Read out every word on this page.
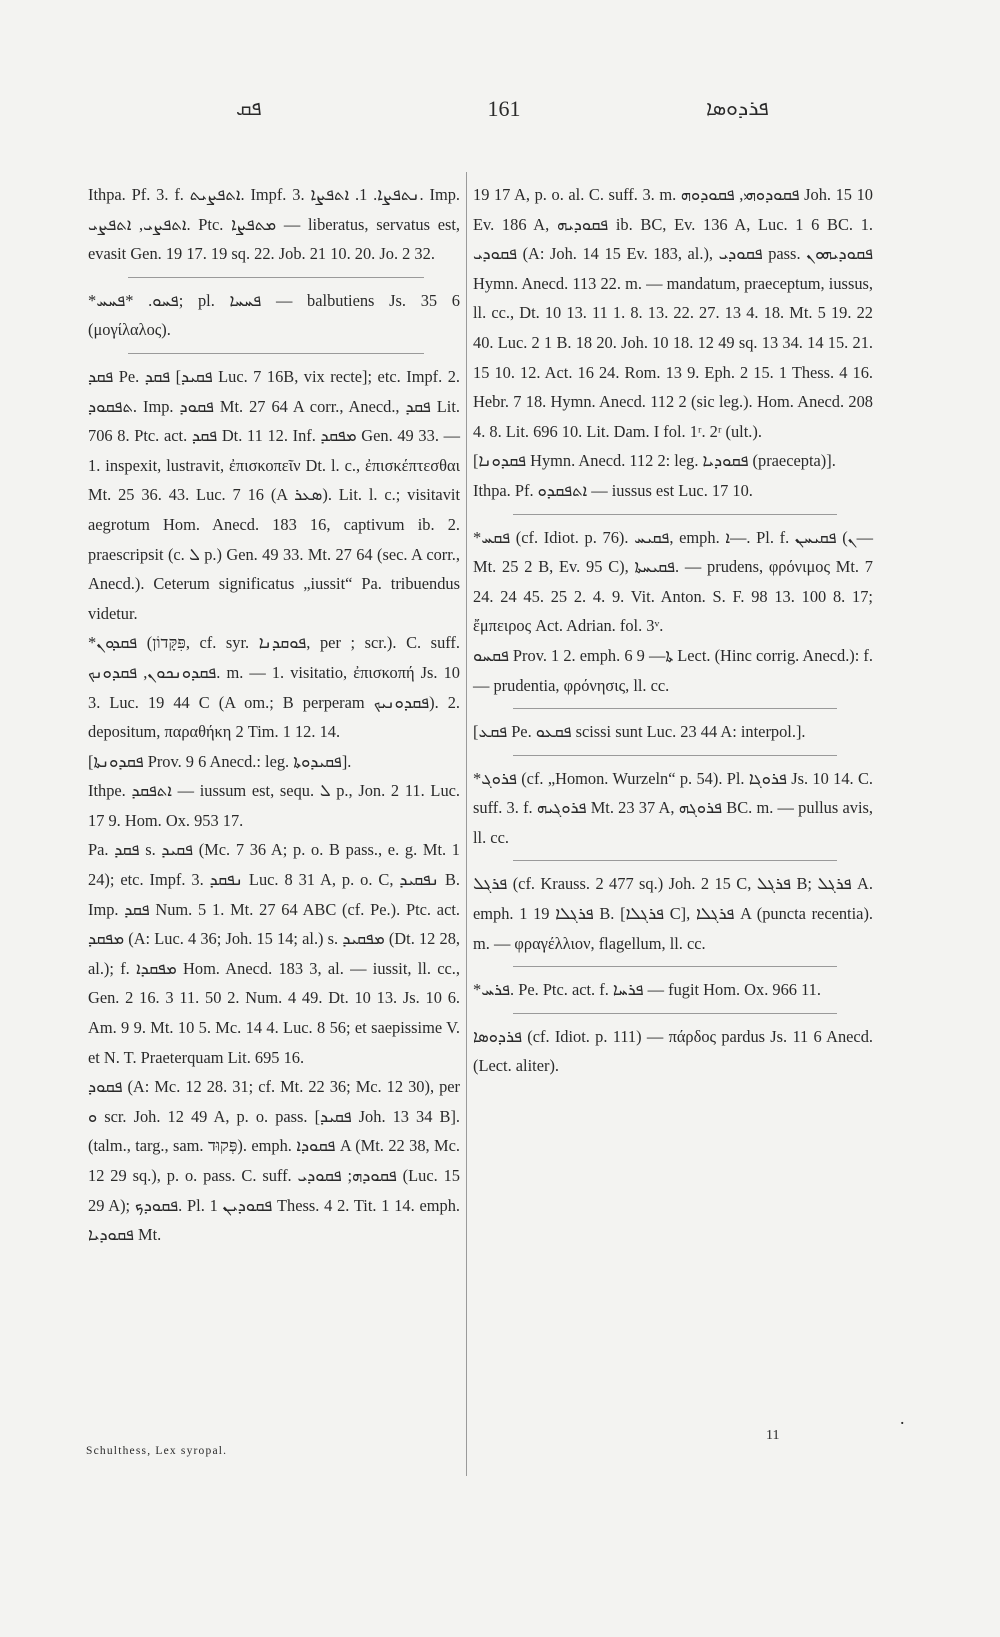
ܦܩ	161	ܦܪܕܘܣܐ

Ithpa. Pf. 3. f. ܐܬܦܨܝܬ. Impf. 3. ܢܬܦܨܐ. 1. ܐܬܦܨܐ. Imp. ܐܬܦܨܝ, ܐܬܦܨܝ. Ptc. ܡܬܦܨܐ — liberatus, servatus est, evasit Gen. 19 17. 19 sq. 22. Job. 21 10. 20. Jo. 2 32.

*ܦܚܘ. *ܦܚܚ; pl. ܦܚܚܐ — balbutiens Js. 35 6 (μογίλαλος).

ܦܩܕ Pe. ܦܩܕ [ܦܩܝܕ Luc. 7 16B, vix recte]; etc. Impf. 2. ܬܦܩܘܕ. Imp. ܦܩܘܕ Mt. 27 64 A corr., Anecd., ܦܩܕ Lit. 706 8. Ptc. act. ܦܩܕ Dt. 11 12. Inf. ܡܦܩܕ Gen. 49 33. — 1. inspexit, lustravit, ἐπισκοπεῖν Dt. l. c., ἐπισκέπτεσθαι Mt. 25 36. 43. Luc. 7 16 (A ܣܥܪ). Lit. l. c.; visitavit aegrotum Hom. Anecd. 183 16, captivum ib. 2. praescripsit (c. ܠ p.) Gen. 49 33. Mt. 27 64 (sec. A corr., Anecd.). Ceterum significatus „iussit“ Pa. tribuendus videtur.

*ܦܩܕܘܢ (פִּקָּדוֹן, cf. syr. ܦܘܩܕܢܐ, per ; scr.). C. suff. ܦܩܕܘܢܟܘܢ, ܦܩܕܘܢܟ. m. — 1. visitatio, ἐπισκοπή Js. 10 3. Luc. 19 44 C (A om.; B perperam ܦܩܕܘܢܝܟ). 2. depositum, παραθήκη 2 Tim. 1 12. 14.

[ܦܩܕܘܢܬܐ Prov. 9 6 Anecd.: leg. ܦܩܝܕܘܬܐ].

Ithpe. ܐܬܦܩܕ — iussum est, sequ. ܠ p., Jon. 2 11. Luc. 17 9. Hom. Ox. 953 17.

Pa. ܦܩܕ s. ܦܩܝܕ (Mc. 7 36 A; p. o. B pass., e. g. Mt. 1 24); etc. Impf. 3. ܢܦܩܕ Luc. 8 31 A, p. o. C, ܢܦܩܝܕ B. Imp. ܦܩܕ Num. 5 1. Mt. 27 64 ABC (cf. Pe.). Ptc. act. ܡܦܩܕ (A: Luc. 4 36; Joh. 15 14; al.) s. ܡܦܩܝܕ (Dt. 12 28, al.); f. ܡܦܩܕܐ Hom. Anecd. 183 3, al. — iussit, ll. cc., Gen. 2 16. 3 11. 50 2. Num. 4 49. Dt. 10 13. Js. 10 6. Am. 9 9. Mt. 10 5. Mc. 14 4. Luc. 8 56; et saepissime V. et N. T. Praeterquam Lit. 695 16.

ܦܩܘܕ (A: Mc. 12 28. 31; cf. Mt. 22 36; Mc. 12 30), per ܘ scr. Joh. 12 49 A, p. o. pass. [ܦܩܝܕ Joh. 13 34 B]. (talm., targ., sam. פְּקוּד). emph. ܦܩܘܕܐ A (Mt. 22 38, Mc. 12 29 sq.), p. o. pass. C. suff. ܦܩܘܕܗ; ܦܩܘܕܝ (Luc. 15 29 A); ܦܩܘܕܟ. Pl. ܦܩܘܕܝܢ 1 Thess. 4 2. Tit. 1 14. emph. ܦܩܘܕܝܐ Mt.

19 17 A, p. o. al. C. suff. 3. m. ܦܩܘܕܘܗܝ, ܦܩܘܕܘܗ Joh. 15 10 Ev. 186 A, ܦܩܘܕܝܗ ib. BC, Ev. 136 A, Luc. 1 6 BC. 1. ܦܩܘܕܝ (A: Joh. 14 15 Ev. 183, al.), ܦܩܘܕܝ pass. ܦܩܘܕܝܗܘܢ Hymn. Anecd. 113 22. m. — mandatum, praeceptum, iussus, ll. cc., Dt. 10 13. 11 1. 8. 13. 22. 27. 13 4. 18. Mt. 5 19. 22 40. Luc. 2 1 B. 18 20. Joh. 10 18. 12 49 sq. 13 34. 14 15. 21. 15 10. 12. Act. 16 24. Rom. 13 9. Eph. 2 15. 1 Thess. 4 16. Hebr. 7 18. Hymn. Anecd. 112 2 (sic leg.). Hom. Anecd. 208 4. 8. Lit. 696 10. Lit. Dam. I fol. 1ʳ. 2ʳ (ult.).

[ܦܩܕܘܢܐ Hymn. Anecd. 112 2: leg. ܦܩܘܕܝܐ (praecepta)].

Ithpa. Pf. ܐܬܦܩܕܘ — iussus est Luc. 17 10.

*ܦܩܚ (cf. Idiot. p. 76). ܦܩܝܚ, emph. ܐ—. Pl. f. ܦܩܝܚܢ (ܢ— Mt. 25 2 B, Ev. 95 C), ܦܩܝܚܬܐ. — prudens, φρόνιμος Mt. 7 24. 24 45. 25 2. 4. 9. Vit. Anton. S. F. 98 13. 100 8. 17; ἔμπειρος Act. Adrian. fol. 3ᵛ.

ܦܩܚܘ Prov. 1 2. emph. ܬܐ— 9 6 Lect. (Hinc corrig. Anecd.): f. — prudentia, φρόνησις, ll. cc.

[ܦܩܥ Pe. ܦܩܥܘ scissi sunt Luc. 23 44 A: interpol.].

*ܦܪܘܓ (cf. „Homon. Wurzeln“ p. 54). Pl. ܦܪܘܓܐ Js. 10 14. C. suff. 3. f. ܦܪܘܓܝܗ Mt. 23 37 A, ܦܪܘܓܗ BC. m. — pullus avis, ll. cc.

ܦܪܓܠ (cf. Krauss. 2 477 sq.) Joh. 2 15 C, ܦܪܓܠ B; ܦܪܓܠ A. emph. ܦܪܓܠܐ 19 1 B. [ܦܪܓܠܐ C], ܦܪܓܠܐ A (puncta recentia). m. — φραγέλλιον, flagellum, ll. cc.

*ܦܪܚ. Pe. Ptc. act. f. ܦܪܚܐ — fugit Hom. Ox. 966 11.

ܦܪܕܘܣܐ (cf. Idiot. p. 111) — πάρδος pardus Js. 11 6 Anecd. (Lect. aliter).

Schulthess, Lex syropal.
11
.
